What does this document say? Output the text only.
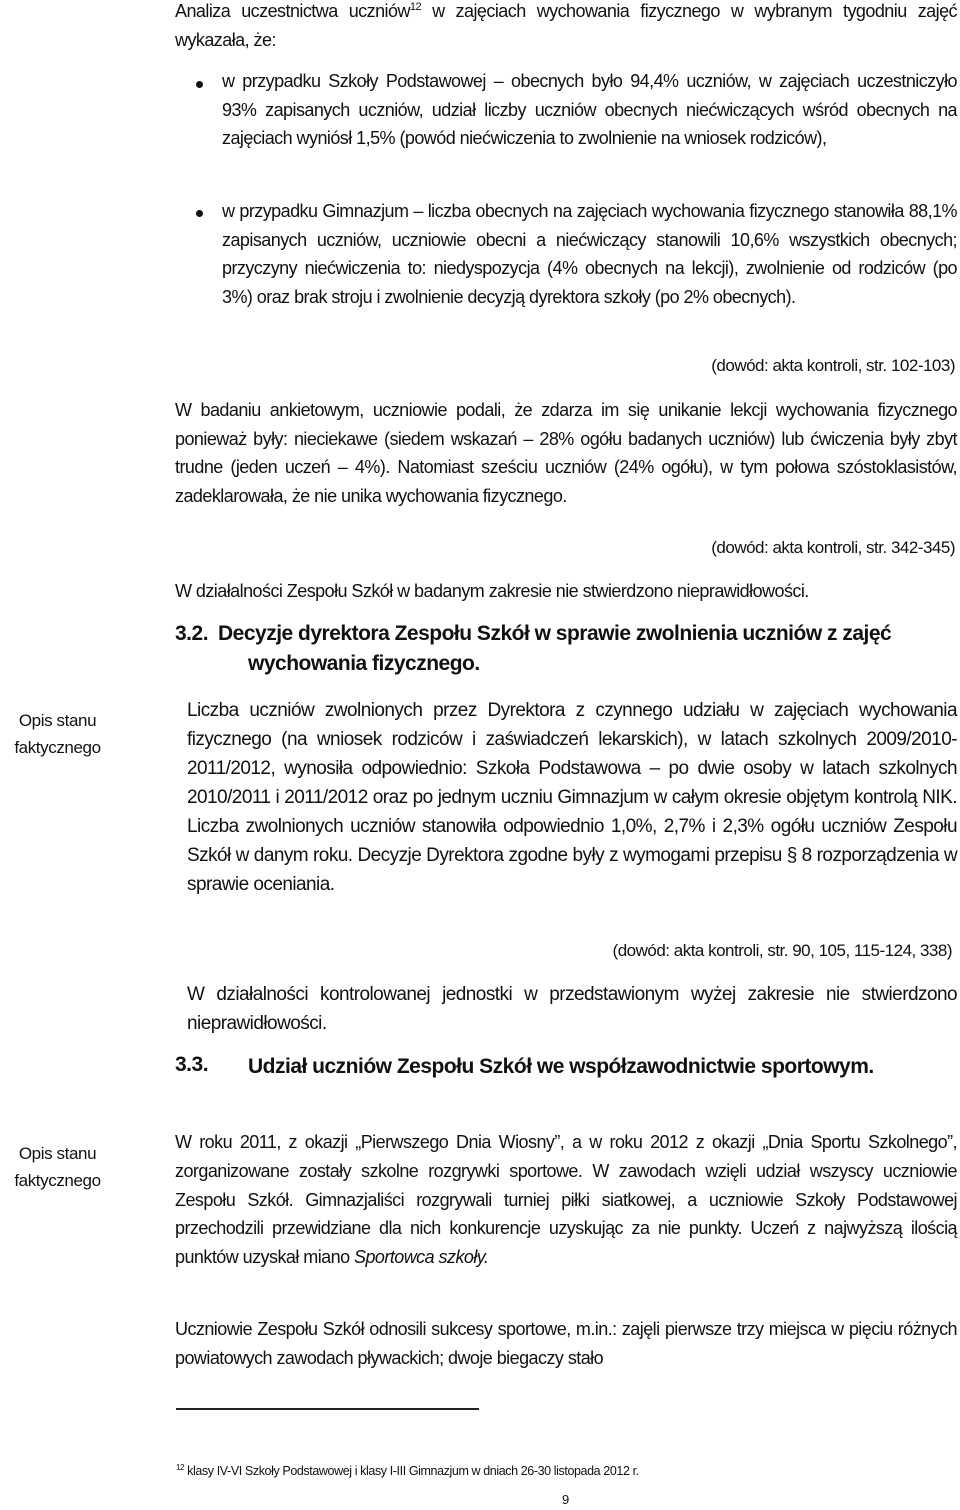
Analiza uczestnictwa uczniów$^{12}$ w zajęciach wychowania fizycznego w wybranym tygodniu zajęć wykazała, że:
w przypadku Szkoły Podstawowej – obecnych było 94,4% uczniów, w zajęciach uczestniczyło 93% zapisanych uczniów, udział liczby uczniów obecnych niećwiczących wśród obecnych na zajęciach wyniósł 1,5% (powód niećwiczenia to zwolnienie na wniosek rodziców),
w przypadku Gimnazjum – liczba obecnych na zajęciach wychowania fizycznego stanowiła 88,1% zapisanych uczniów, uczniowie obecni a niećwiczący stanowili 10,6% wszystkich obecnych; przyczyny niećwiczenia to: niedyspozycja (4% obecnych na lekcji), zwolnienie od rodziców (po 3%) oraz brak stroju i zwolnienie decyzją dyrektora szkoły (po 2% obecnych).
(dowód: akta kontroli, str. 102-103)
W badaniu ankietowym, uczniowie podali, że zdarza im się unikanie lekcji wychowania fizycznego ponieważ były: nieciekawe (siedem wskazań – 28% ogółu badanych uczniów) lub ćwiczenia były zbyt trudne (jeden uczeń – 4%). Natomiast sześciu uczniów (24% ogółu), w tym połowa szóstoklasistów, zadeklarowała, że nie unika wychowania fizycznego.
(dowód: akta kontroli, str. 342-345)
W działalności Zespołu Szkół w badanym zakresie nie stwierdzono nieprawidłowości.
3.2. Decyzje dyrektora Zespołu Szkół w sprawie zwolnienia uczniów z zajęć wychowania fizycznego.
Opis stanu faktycznego
Liczba uczniów zwolnionych przez Dyrektora z czynnego udziału w zajęciach wychowania fizycznego (na wniosek rodziców i zaświadczeń lekarskich), w latach szkolnych 2009/2010-2011/2012, wynosiła odpowiednio: Szkoła Podstawowa – po dwie osoby w latach szkolnych 2010/2011 i 2011/2012 oraz po jednym uczniu Gimnazjum w całym okresie objętym kontrolą NIK. Liczba zwolnionych uczniów stanowiła odpowiednio 1,0%, 2,7% i 2,3% ogółu uczniów Zespołu Szkół w danym roku. Decyzje Dyrektora zgodne były z wymogami przepisu § 8 rozporządzenia w sprawie oceniania.
(dowód: akta kontroli, str. 90, 105, 115-124, 338)
W działalności kontrolowanej jednostki w przedstawionym wyżej zakresie nie stwierdzono nieprawidłowości.
3.3. Udział uczniów Zespołu Szkół we współzawodnictwie sportowym.
Opis stanu faktycznego
W roku 2011, z okazji „Pierwszego Dnia Wiosny”, a w roku 2012 z okazji „Dnia Sportu Szkolnego”, zorganizowane zostały szkolne rozgrywki sportowe. W zawodach wzięli udział wszyscy uczniowie Zespołu Szkół. Gimnazjaliści rozgrywali turniej piłki siatkowej, a uczniowie Szkoły Podstawowej przechodzili przewidziane dla nich konkurencje uzyskując za nie punkty. Uczeń z najwyższą ilością punktów uzyskał miano Sportowca szkoły.
Uczniowie Zespołu Szkół odnosili sukcesy sportowe, m.in.: zajęli pierwsze trzy miejsca w pięciu różnych powiatowych zawodach pływackich; dwoje biegaczy stało
$^{12}$ klasy IV-VI Szkoły Podstawowej i klasy I-III Gimnazjum w dniach 26-30 listopada 2012 r.
9
